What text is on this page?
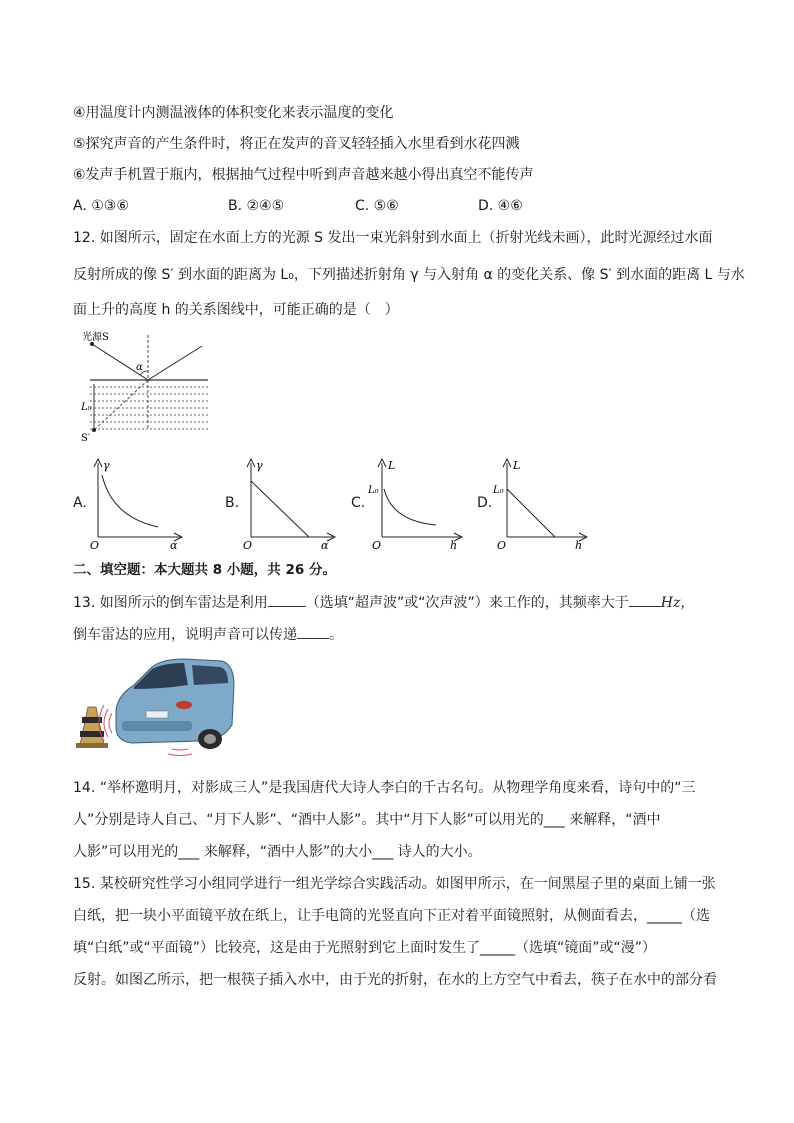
④用温度计内测温液体的体积变化来表示温度的变化
⑤探究声音的产生条件时，将正在发声的音叉轻轻插入水里看到水花四溅
⑥发声手机置于瓶内，根据抽气过程中听到声音越来越小得出真空不能传声
A. ①③⑥	B. ②④⑤	C. ⑤⑥	D. ④⑥
12. 如图所示，固定在水面上方的光源 S 发出一束光斜射到水面上（折射光线未画），此时光源经过水面
反射所成的像 S′ 到水面的距离为 L₀，下列描述折射角 γ 与入射角 α 的变化关系、像 S′ 到水面的距离 L 与水
面上升的高度 h 的关系图线中，可能正确的是（　）
光源S
α
L₀
S′
A.
γ
α
O
B.
γ
α
O
C.
L
L₀
h
O
D.
L
L₀
h
O
二、填空题：本大题共 8 小题，共 26 分。
13. 如图所示的倒车雷达是利用	（选填“超声波”或“次声波”）来工作的，其频率大于 Hz，
倒车雷达的应用，说明声音可以传递 。
14. “举杯邀明月，对影成三人”是我国唐代大诗人李白的千古名句。从物理学角度来看，诗句中的“三
人”分别是诗人自己、“月下人影”、“酒中人影”。其中“月下人影”可以用光的___ 来解释，“酒中
人影”可以用光的___ 来解释，“酒中人影”的大小___ 诗人的大小。
15. 某校研究性学习小组同学进行一组光学综合实践活动。如图甲所示，在一间黑屋子里的桌面上铺一张
白纸，把一块小平面镜平放在纸上，让手电筒的光竖直向下正对着平面镜照射，从侧面看去，_____（选
填“白纸”或“平面镜”）比较亮，这是由于光照射到它上面时发生了_____（选填“镜面”或“漫”）
反射。如图乙所示，把一根筷子插入水中，由于光的折射，在水的上方空气中看去，筷子在水中的部分看
